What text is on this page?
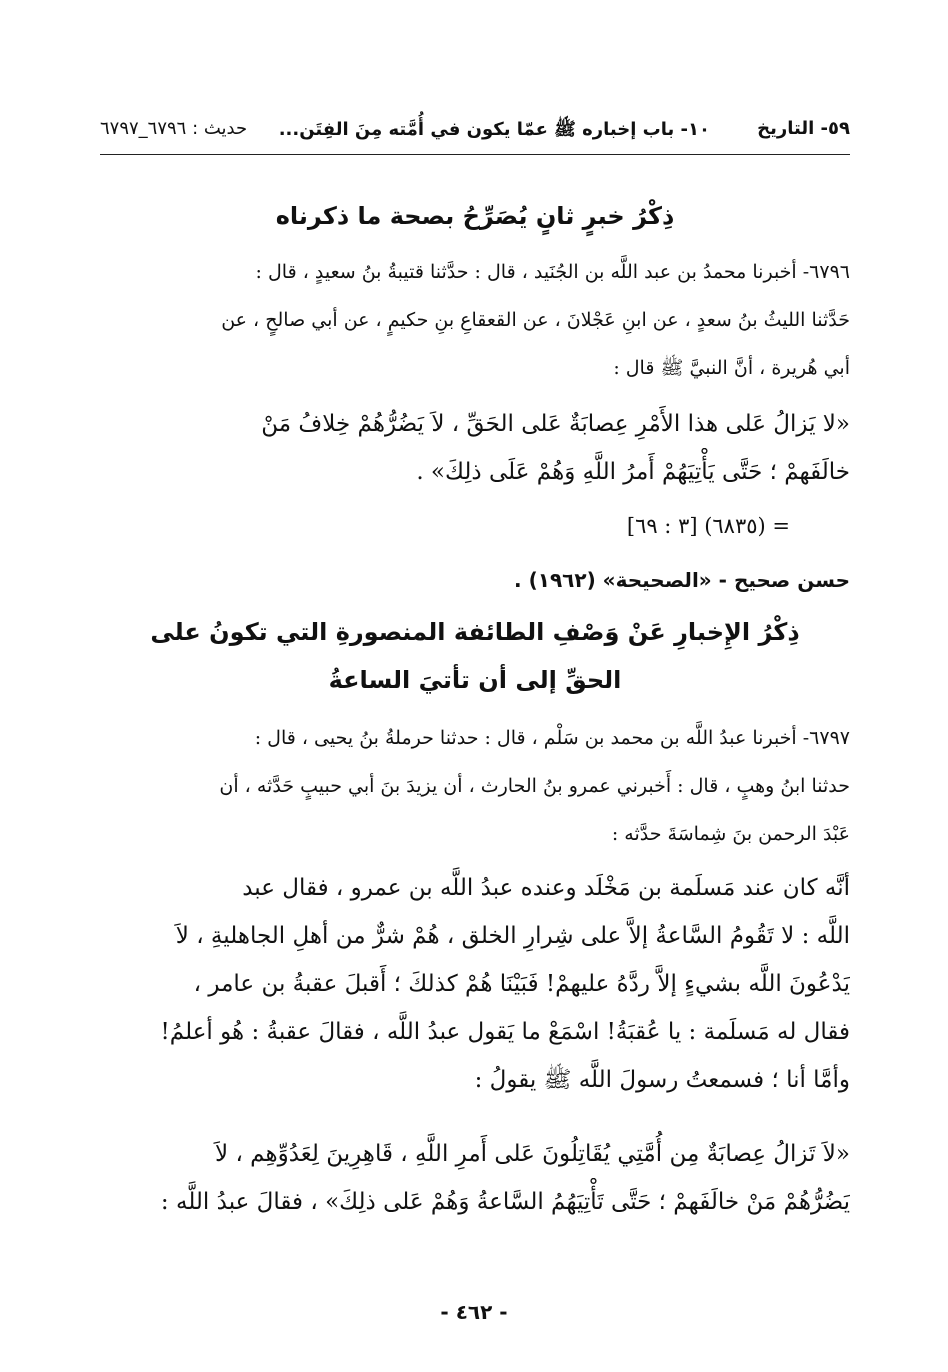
٥٩- التاريخ
١٠- باب إخباره ﷺ عمّا يكون في أُمَّته مِنَ الفِتَن...
حديث : ٦٧٩٦_٦٧٩٧
ذِكْرُ خبرٍ ثانٍ يُصَرِّحُ بصحة ما ذكرناه
٦٧٩٦- أخبرنا محمدُ بن عبد اللَّه بن الجُنَيد ، قال : حدَّثنا قتيبةُ بنُ سعيدٍ ، قال :
حَدَّثنا الليثُ بنُ سعدٍ ، عن ابنِ عَجْلانَ ، عن القعقاعِ بنِ حكيمٍ ، عن أبي صالحٍ ، عن
أبي هُريرة ، أنَّ النبيَّ ﷺ قال :
«لا يَزالُ عَلى هذا الأَمْرِ عِصابَةٌ عَلى الحَقِّ ، لاَ يَضُرُّهُمْ خِلافُ مَنْ
خالَفَهمْ ؛ حَتَّى يَأْتِيَهُمْ أَمرُ اللَّهِ وَهُمْ عَلَى ذلِكَ» .
= (٦٨٣٥) [٣ : ٦٩]
حسن صحيح - «الصحيحة» (١٩٦٢) .
ذِكْرُ الإِخبارِ عَنْ وَصْفِ الطائفة المنصورةِ التي تكونُ على
الحقِّ إلى أن تأتيَ الساعةُ
٦٧٩٧- أخبرنا عبدُ اللَّه بن محمد بن سَلْم ، قال : حدثنا حرملةُ بنُ يحيى ، قال :
حدثنا ابنُ وهبٍ ، قال : أَخبرني عمرو بنُ الحارث ، أن يزيدَ بنَ أبي حبيبٍ حَدَّثه ، أن
عَبْدَ الرحمن بنَ شِماسَةَ حدَّثه :
أنَّه كان عند مَسلَمة بن مَخْلَد وعنده عبدُ اللَّه بن عمرو ، فقال عبد
اللَّه : لا تَقُومُ السَّاعةُ إلاَّ على شِرارِ الخلق ، هُمْ شرٌّ من أهلِ الجاهليةِ ، لاَ
يَدْعُونَ اللَّه بشيءٍ إلاَّ ردَّهُ عليهمْ! فَبَيْنَا هُمْ كذلكَ ؛ أَقبلَ عقبةُ بن عامر ،
فقال له مَسلَمة : يا عُقبَةُ! اسْمَعْ ما يَقول عبدُ اللَّه ، فقالَ عقبةُ : هُو أعلمُ!
وأمَّا أنا ؛ فسمعتُ رسولَ اللَّه ﷺ يقولُ :
«لاَ تَزالُ عِصابَةٌ مِن أُمَّتِي يُقَاتِلُونَ عَلى أَمرِ اللَّهِ ، قَاهِرِينَ لِعَدُوِّهِم ، لاَ
يَضُرُّهُمْ مَنْ خالَفَهمْ ؛ حَتَّى تَأْتِيَهُمُ السَّاعةُ وَهُمْ عَلى ذلِكَ» ، فقالَ عبدُ اللَّه :
- ٤٦٢ -
